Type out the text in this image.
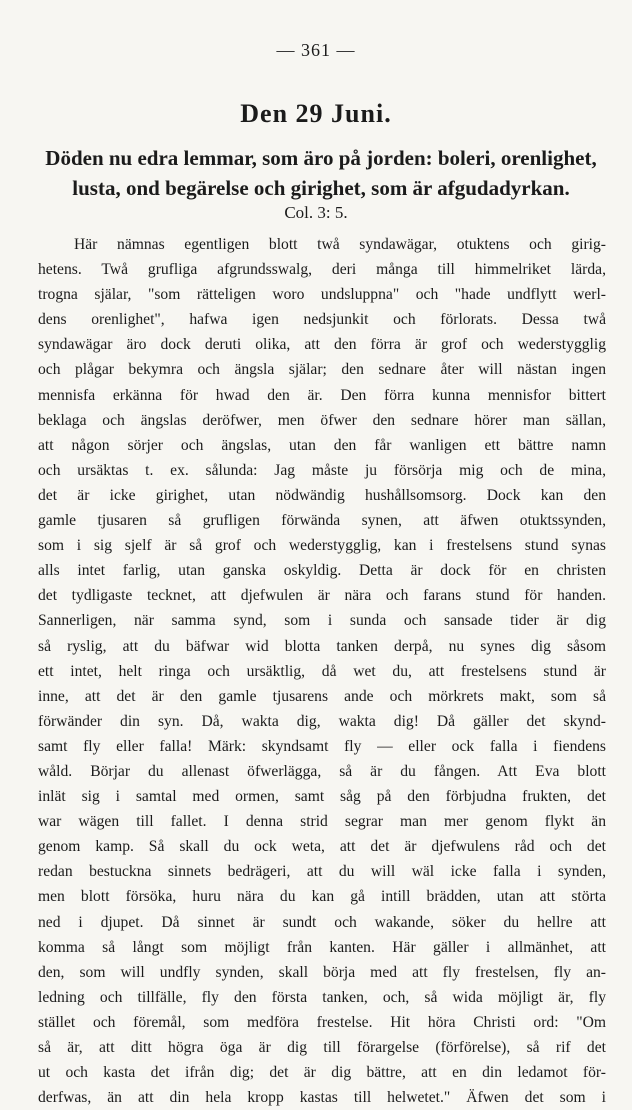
— 361 —
Den 29 Juni.
Döden nu edra lemmar, som äro på jorden: boleri, orenlighet,
lusta, ond begärelse och girighet, som är afgudadyrkan.
Col. 3: 5.
Här nämnas egentligen blott twå syndawägar, otuktens och girig-
hetens. Twå grufliga afgrundsswalg, deri många till himmelriket lärda,
trogna själar, "som rätteligen woro undsluppna" och "hade undflytt werl-
dens orenlighet", hafwa igen nedsjunkit och förlorats. Dessa twå
syndawägar äro dock deruti olika, att den förra är grof och wederstygglig
och plågar bekymra och ängsla själar; den sednare åter will nästan ingen
mennisfa erkänna för hwad den är. Den förra kunna mennisfor bittert
beklaga och ängslas deröfwer, men öfwer den sednare hörer man sällan,
att någon sörjer och ängslas, utan den får wanligen ett bättre namn
och ursäktas t. ex. sålunda: Jag måste ju försörja mig och de mina,
det är icke girighet, utan nödwändig hushållsomsorg. Dock kan den
gamle tjusaren så grufligen förwända synen, att äfwen otuktssynden,
som i sig sjelf är så grof och wederstygglig, kan i frestelsens stund synas
alls intet farlig, utan ganska oskyldig. Detta är dock för en christen
det tydligaste tecknet, att djefwulen är nära och farans stund för handen.
Sannerligen, när samma synd, som i sunda och sansade tider är dig
så ryslig, att du bäfwar wid blotta tanken derpå, nu synes dig såsom
ett intet, helt ringa och ursäktlig, då wet du, att frestelsens stund är
inne, att det är den gamle tjusarens ande och mörkrets makt, som så
förwänder din syn. Då, wakta dig, wakta dig! Då gäller det skynd-
samt fly eller falla! Märk: skyndsamt fly — eller ock falla i fiendens
wåld. Börjar du allenast öfwerlägga, så är du fången. Att Eva blott
inlät sig i samtal med ormen, samt såg på den förbjudna frukten, det
war wägen till fallet. I denna strid segrar man mer genom flykt än
genom kamp. Så skall du ock weta, att det är djefwulens råd och det
redan bestuckna sinnets bedrägeri, att du will wäl icke falla i synden,
men blott försöka, huru nära du kan gå intill brädden, utan att störta
ned i djupet. Då sinnet är sundt och wakande, söker du hellre att
komma så långt som möjligt från kanten. Här gäller i allmänhet, att
den, som will undfly synden, skall börja med att fly frestelsen, fly an-
ledning och tillfälle, fly den första tanken, och, så wida möjligt är, fly
stället och föremål, som medföra frestelse. Hit höra Christi ord: "Om
så är, att ditt högra öga är dig till förargelse (förförelse), så rif det
ut och kasta det ifrån dig; det är dig bättre, att en din ledamot för-
derfwas, än att din hela kropp kastas till helwetet." Äfwen det som i
